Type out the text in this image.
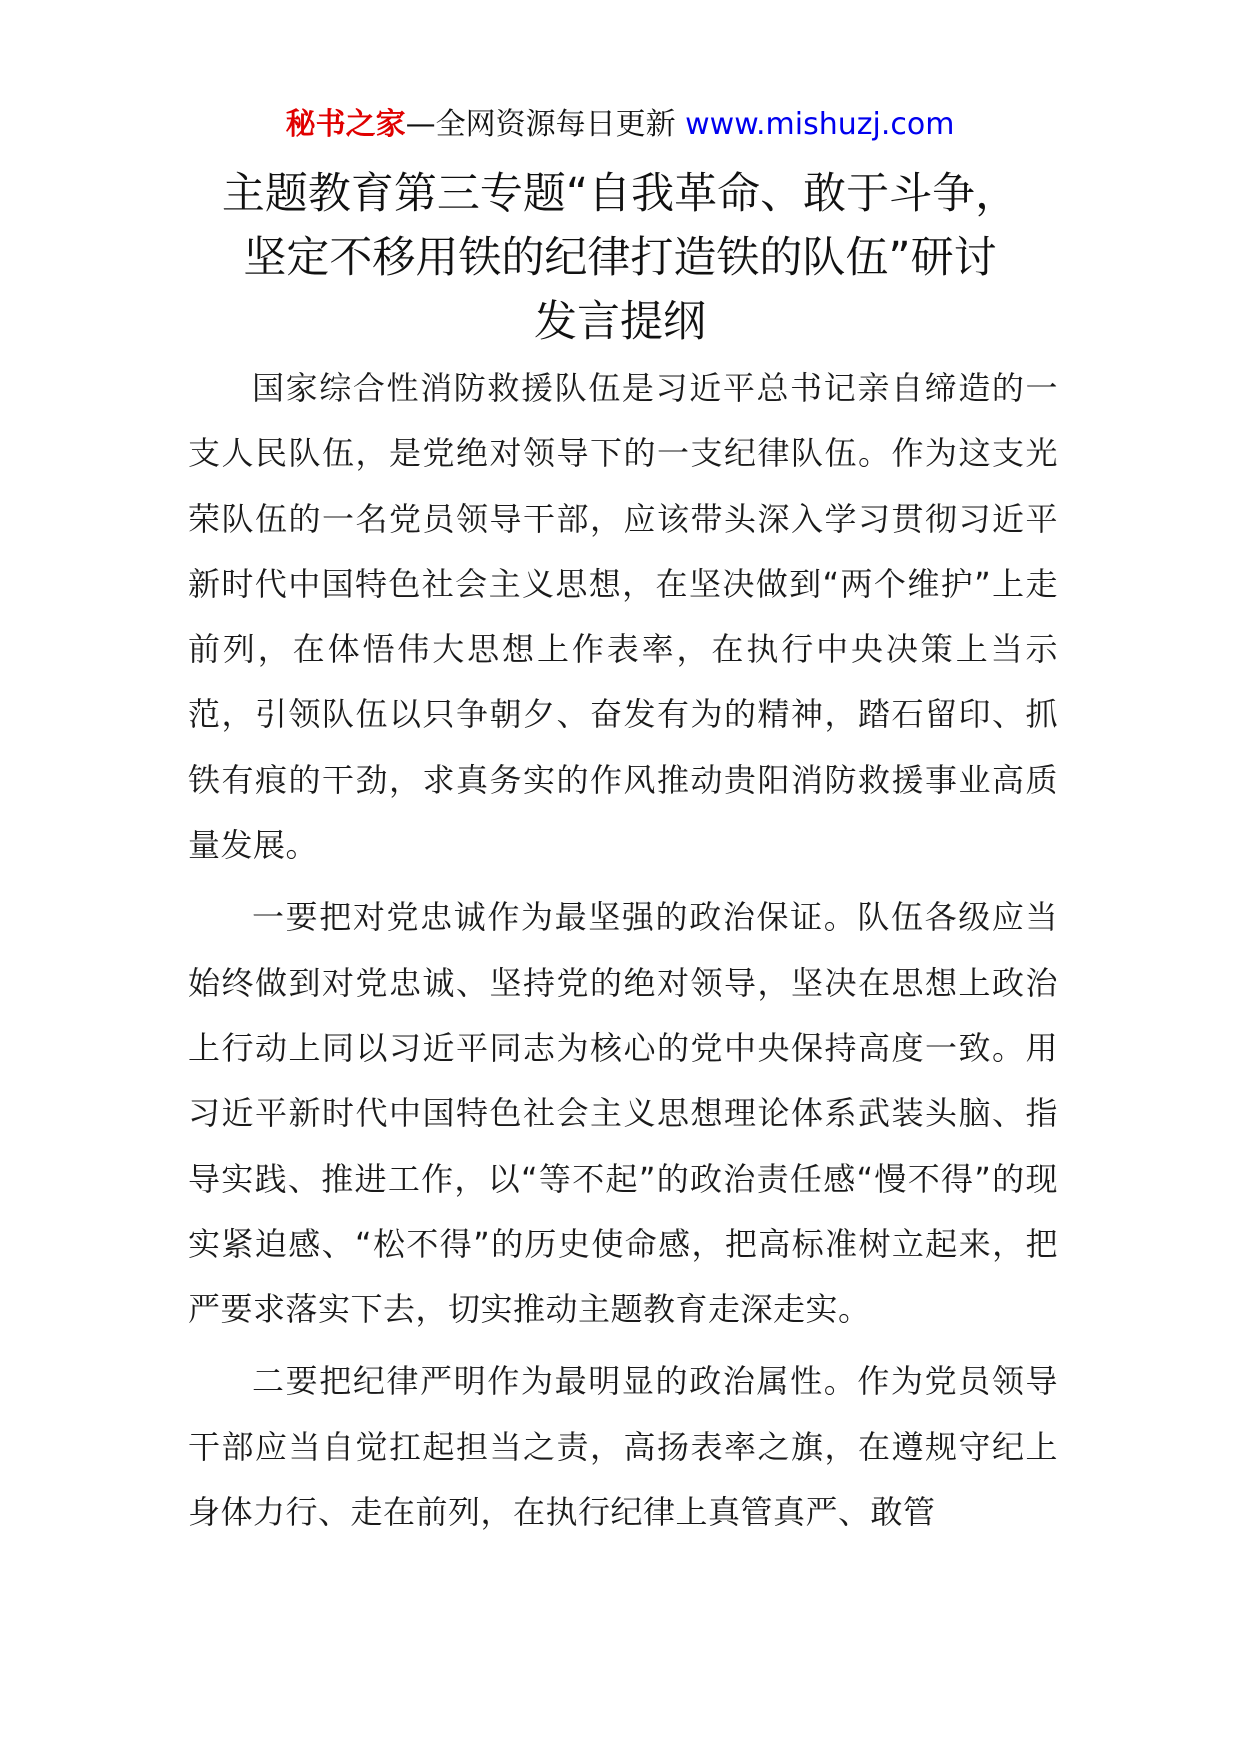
秘书之家—全网资源每日更新 www.mishuzj.com
主题教育第三专题“自我革命、敢于斗争，
坚定不移用铁的纪律打造铁的队伍”研讨
发言提纲

国家综合性消防救援队伍是习近平总书记亲自缔造的一支人民队伍，是党绝对领导下的一支纪律队伍。作为这支光荣队伍的一名党员领导干部，应该带头深入学习贯彻习近平新时代中国特色社会主义思想，在坚决做到“两个维护”上走前列，在体悟伟大思想上作表率，在执行中央决策上当示范，引领队伍以只争朝夕、奋发有为的精神，踏石留印、抓铁有痕的干劲，求真务实的作风推动贵阳消防救援事业高质量发展。

一要把对党忠诚作为最坚强的政治保证。队伍各级应当始终做到对党忠诚、坚持党的绝对领导，坚决在思想上政治上行动上同以习近平同志为核心的党中央保持高度一致。用习近平新时代中国特色社会主义思想理论体系武装头脑、指导实践、推进工作，以“等不起”的政治责任感“慢不得”的现实紧迫感、“松不得”的历史使命感，把高标准树立起来，把严要求落实下去，切实推动主题教育走深走实。

二要把纪律严明作为最明显的政治属性。作为党员领导干部应当自觉扛起担当之责，高扬表率之旗，在遵规守纪上身体力行、走在前列，在执行纪律上真管真严、敢管
